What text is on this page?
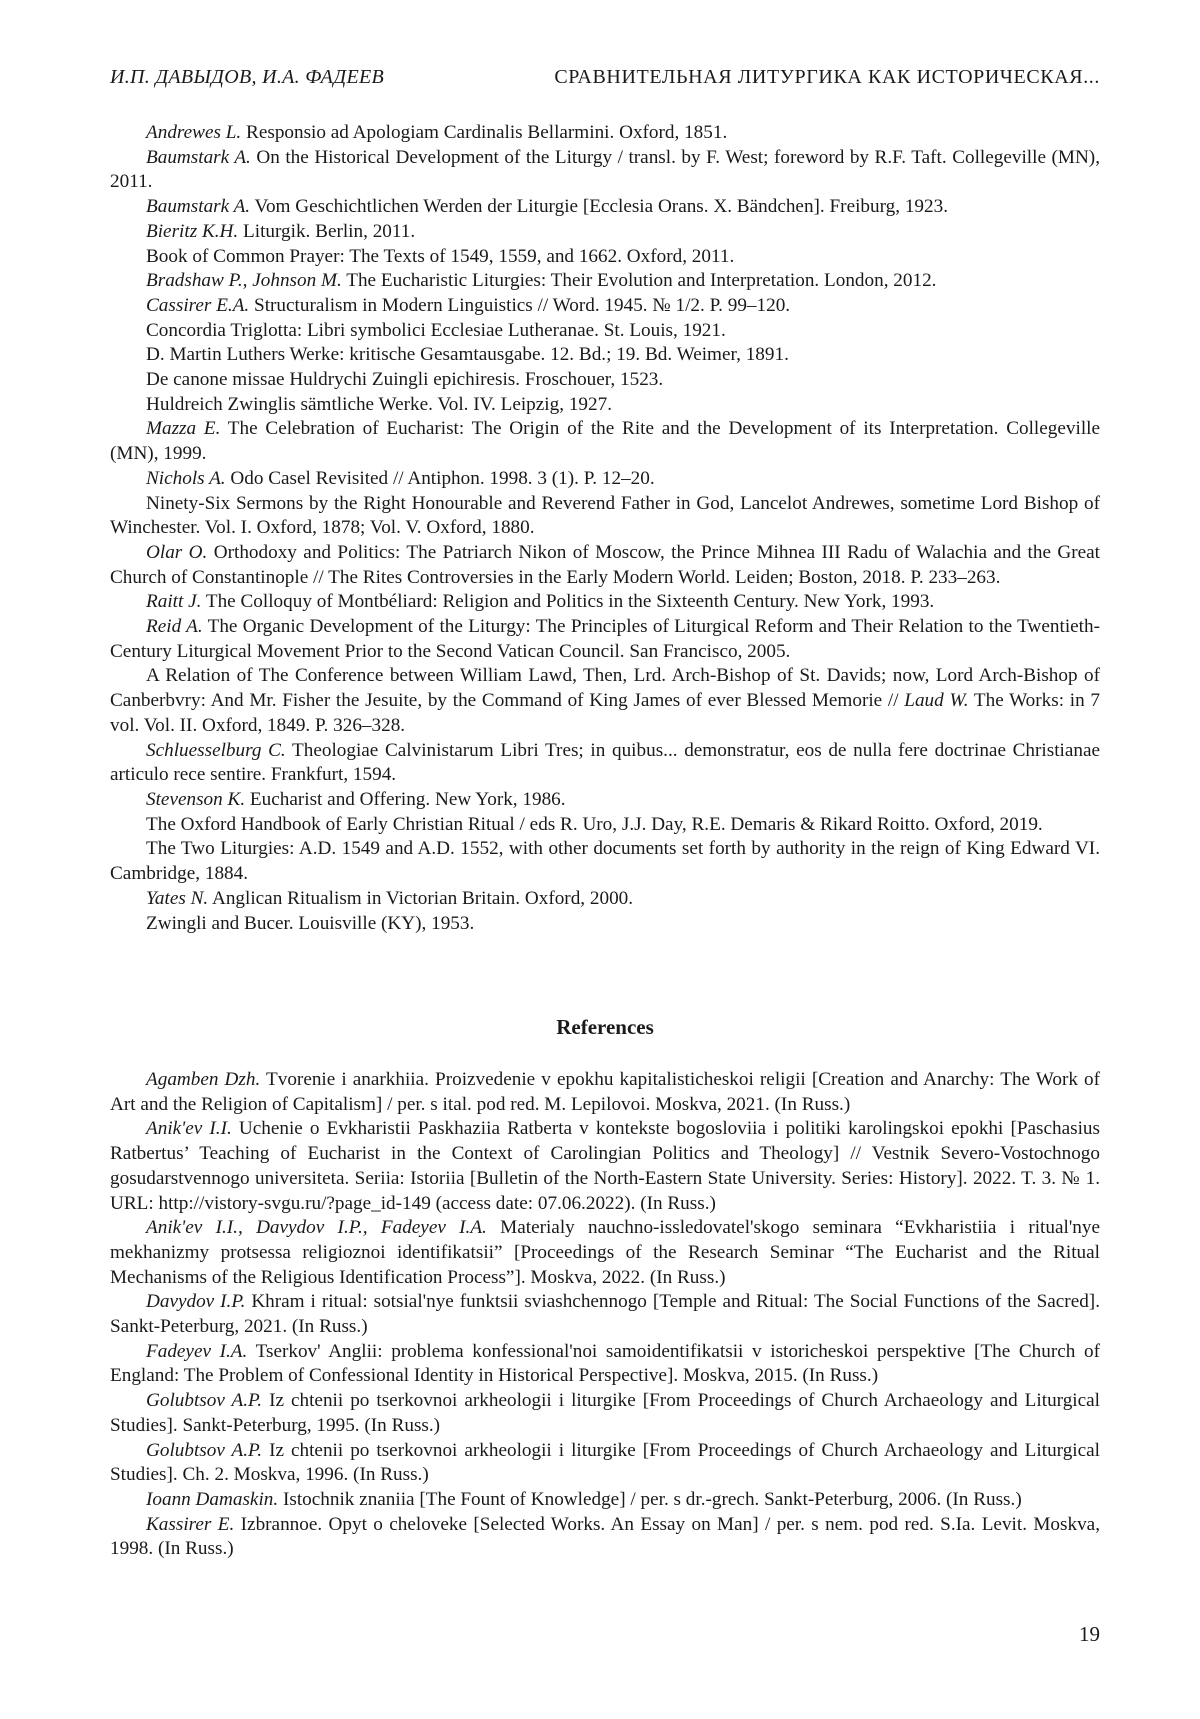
И.П. ДАВЫДОВ, И.А. ФАДЕЕВ	СРАВНИТЕЛЬНАЯ ЛИТУРГИКА КАК ИСТОРИЧЕСКАЯ...

Andrewes L. Responsio ad Apologiam Cardinalis Bellarmini. Oxford, 1851.

Baumstark A. On the Historical Development of the Liturgy / transl. by F. West; foreword by R.F. Taft. Collegeville (MN), 2011.

Baumstark A. Vom Geschichtlichen Werden der Liturgie [Ecclesia Orans. X. Bändchen]. Freiburg, 1923.

Bieritz K.H. Liturgik. Berlin, 2011.

Book of Common Prayer: The Texts of 1549, 1559, and 1662. Oxford, 2011.

Bradshaw P., Johnson M. The Eucharistic Liturgies: Their Evolution and Interpretation. London, 2012.

Cassirer E.A. Structuralism in Modern Linguistics // Word. 1945. № 1/2. P. 99–120.

Concordia Triglotta: Libri symbolici Ecclesiae Lutheranae. St. Louis, 1921.

D. Martin Luthers Werke: kritische Gesamtausgabe. 12. Bd.; 19. Bd. Weimer, 1891.

De canone missae Huldrychi Zuingli epichiresis. Froschouer, 1523.

Huldreich Zwinglis sämtliche Werke. Vol. IV. Leipzig, 1927.

Mazza E. The Celebration of Eucharist: The Origin of the Rite and the Development of its Interpretation. Collegeville (MN), 1999.

Nichols A. Odo Casel Revisited // Antiphon. 1998. 3 (1). P. 12–20.

Ninety-Six Sermons by the Right Honourable and Reverend Father in God, Lancelot Andrewes, sometime Lord Bishop of Winchester. Vol. I. Oxford, 1878; Vol. V. Oxford, 1880.

Olar O. Orthodoxy and Politics: The Patriarch Nikon of Moscow, the Prince Mihnea III Radu of Walachia and the Great Church of Constantinople // The Rites Controversies in the Early Modern World. Leiden; Boston, 2018. P. 233–263.

Raitt J. The Colloquy of Montbéliard: Religion and Politics in the Sixteenth Century. New York, 1993.

Reid A. The Organic Development of the Liturgy: The Principles of Liturgical Reform and Their Relation to the Twentieth-Century Liturgical Movement Prior to the Second Vatican Council. San Francisco, 2005.

A Relation of The Conference between William Lawd, Then, Lrd. Arch-Bishop of St. Davids; now, Lord Arch-Bishop of Canberbvry: And Mr. Fisher the Jesuite, by the Command of King James of ever Blessed Memorie // Laud W. The Works: in 7 vol. Vol. II. Oxford, 1849. P. 326–328.

Schluesselburg C. Theologiae Calvinistarum Libri Tres; in quibus... demonstratur, eos de nulla fere doctrinae Christianae articulo rece sentire. Frankfurt, 1594.

Stevenson K. Eucharist and Offering. New York, 1986.

The Oxford Handbook of Early Christian Ritual / eds R. Uro, J.J. Day, R.E. Demaris & Rikard Roitto. Oxford, 2019.

The Two Liturgies: A.D. 1549 and A.D. 1552, with other documents set forth by authority in the reign of King Edward VI. Cambridge, 1884.

Yates N. Anglican Ritualism in Victorian Britain. Oxford, 2000.

Zwingli and Bucer. Louisville (KY), 1953.

References

Agamben Dzh. Tvorenie i anarkhiia. Proizvedenie v epokhu kapitalisticheskoi religii [Creation and Anarchy: The Work of Art and the Religion of Capitalism] / per. s ital. pod red. M. Lepilovoi. Moskva, 2021. (In Russ.)

Anik'ev I.I. Uchenie o Evkharistii Paskhaziia Ratberta v kontekste bogosloviia i politiki karolingskoi epokhi [Paschasius Ratbertus’ Teaching of Eucharist in the Context of Carolingian Politics and Theology] // Vestnik Severo-Vostochnogo gosudarstvennogo universiteta. Seriia: Istoriia [Bulletin of the North-Eastern State University. Series: History]. 2022. T. 3. № 1. URL: http://vistory-svgu.ru/?page_id-149 (access date: 07.06.2022). (In Russ.)

Anik'ev I.I., Davydov I.P., Fadeyev I.A. Materialy nauchno-issledovatel'skogo seminara “Evkharistiia i ritual'nye mekhanizmy protsessa religioznoi identifikatsii” [Proceedings of the Research Seminar “The Eucharist and the Ritual Mechanisms of the Religious Identification Process”]. Moskva, 2022. (In Russ.)

Davydov I.P. Khram i ritual: sotsial'nye funktsii sviashchennogo [Temple and Ritual: The Social Functions of the Sacred]. Sankt-Peterburg, 2021. (In Russ.)

Fadeyev I.A. Tserkov' Anglii: problema konfessional'noi samoidentifikatsii v istoricheskoi perspektive [The Church of England: The Problem of Confessional Identity in Historical Perspective]. Moskva, 2015. (In Russ.)

Golubtsov A.P. Iz chtenii po tserkovnoi arkheologii i liturgike [From Proceedings of Church Archaeology and Liturgical Studies]. Sankt-Peterburg, 1995. (In Russ.)

Golubtsov A.P. Iz chtenii po tserkovnoi arkheologii i liturgike [From Proceedings of Church Archaeology and Liturgical Studies]. Ch. 2. Moskva, 1996. (In Russ.)

Ioann Damaskin. Istochnik znaniia [The Fount of Knowledge] / per. s dr.-grech. Sankt-Peterburg, 2006. (In Russ.)

Kassirer E. Izbrannoe. Opyt o cheloveke [Selected Works. An Essay on Man] / per. s nem. pod red. S.Ia. Levit. Moskva, 1998. (In Russ.)

19
